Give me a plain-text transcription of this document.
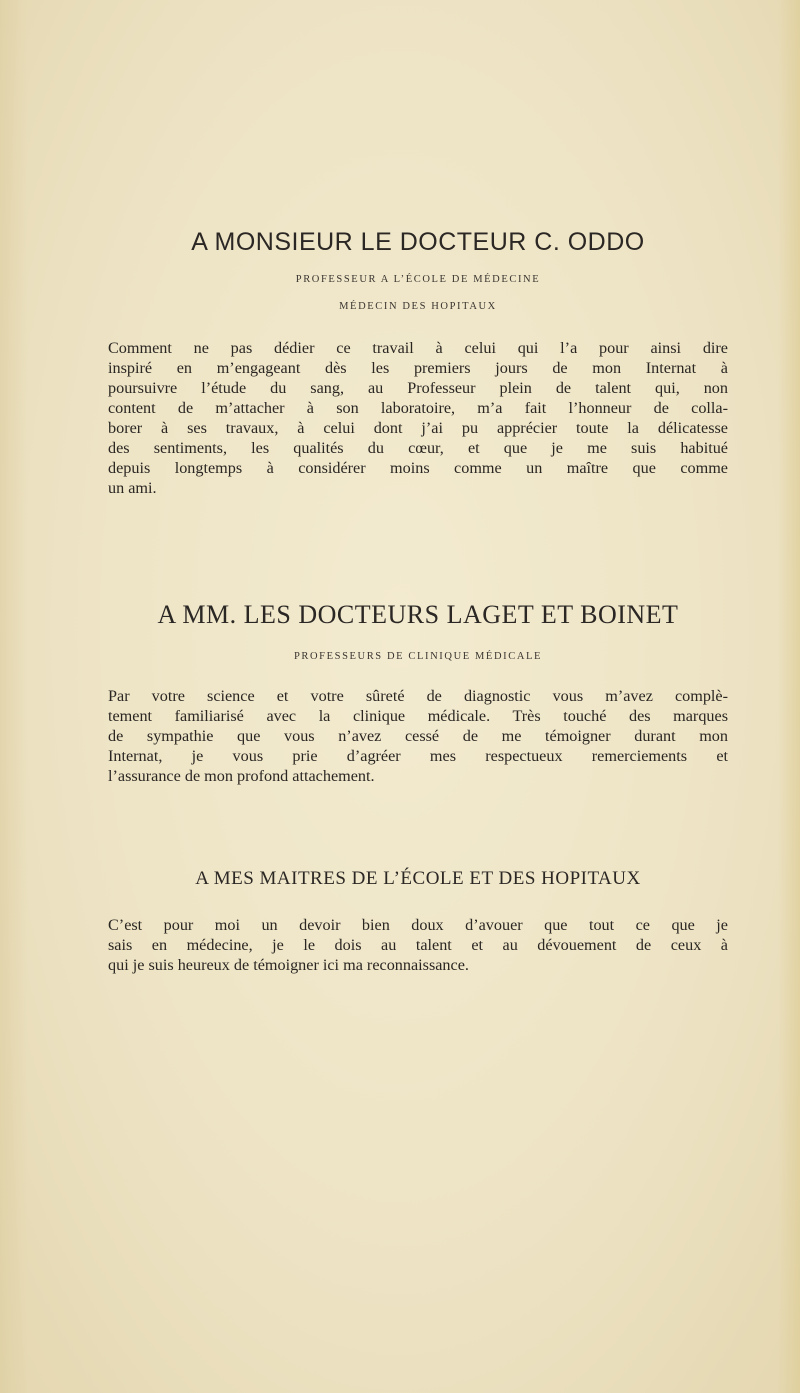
A MONSIEUR LE DOCTEUR C. ODDO
PROFESSEUR A L’ÉCOLE DE MÉDECINE
MÉDECIN DES HOPITAUX
Comment ne pas dédier ce travail à celui qui l’a pour ainsi dire
inspiré en m’engageant dès les premiers jours de mon Internat à
poursuivre l’étude du sang, au Professeur plein de talent qui, non
content de m’attacher à son laboratoire, m’a fait l’honneur de colla-
borer à ses travaux, à celui dont j’ai pu apprécier toute la délicatesse
des sentiments, les qualités du cœur, et que je me suis habitué
depuis longtemps à considérer moins comme un maître que comme
un ami.
A MM. LES DOCTEURS LAGET ET BOINET
PROFESSEURS DE CLINIQUE MÉDICALE
Par votre science et votre sûreté de diagnostic vous m’avez complè-
tement familiarisé avec la clinique médicale. Très touché des marques
de sympathie que vous n’avez cessé de me témoigner durant mon
Internat, je vous prie d’agréer mes respectueux remerciements et
l’assurance de mon profond attachement.
A MES MAITRES DE L’ÉCOLE ET DES HOPITAUX
C’est pour moi un devoir bien doux d’avouer que tout ce que je
sais en médecine, je le dois au talent et au dévouement de ceux à
qui je suis heureux de témoigner ici ma reconnaissance.
